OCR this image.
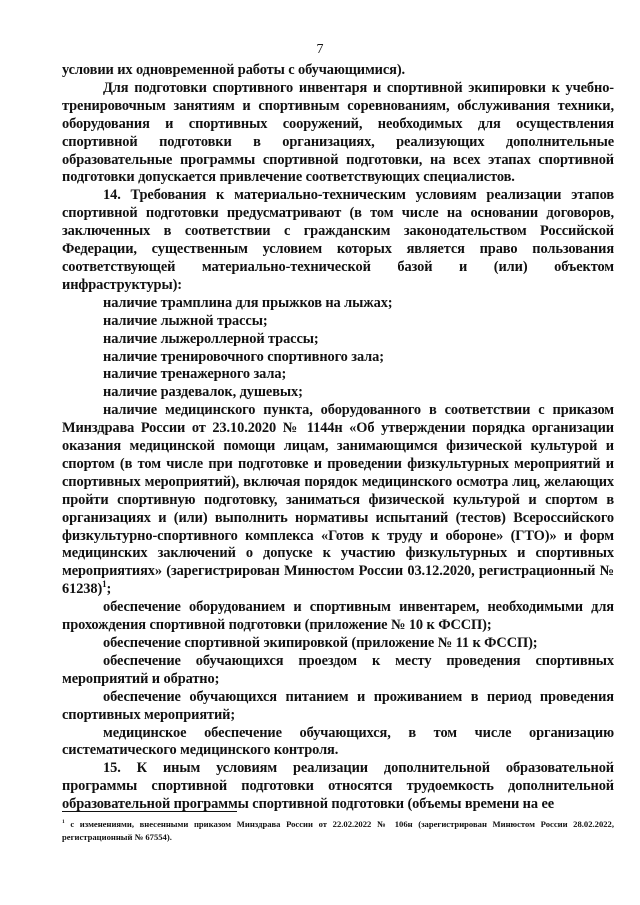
7

условии их одновременной работы с обучающимися).

Для подготовки спортивного инвентаря и спортивной экипировки к учебно-тренировочным занятиям и спортивным соревнованиям, обслуживания техники, оборудования и спортивных сооружений, необходимых для осуществления спортивной подготовки в организациях, реализующих дополнительные образовательные программы спортивной подготовки, на всех этапах спортивной подготовки допускается привлечение соответствующих специалистов.

14. Требования к материально-техническим условиям реализации этапов спортивной подготовки предусматривают (в том числе на основании договоров, заключенных в соответствии с гражданским законодательством Российской Федерации, существенным условием которых является право пользования соответствующей материально-технической базой и (или) объектом инфраструктуры):

наличие трамплина для прыжков на лыжах;

наличие лыжной трассы;

наличие лыжероллерной трассы;

наличие тренировочного спортивного зала;

наличие тренажерного зала;

наличие раздевалок, душевых;

наличие медицинского пункта, оборудованного в соответствии с приказом Минздрава России от 23.10.2020 № 1144н «Об утверждении порядка организации оказания медицинской помощи лицам, занимающимся физической культурой и спортом (в том числе при подготовке и проведении физкультурных мероприятий и спортивных мероприятий), включая порядок медицинского осмотра лиц, желающих пройти спортивную подготовку, заниматься физической культурой и спортом в организациях и (или) выполнить нормативы испытаний (тестов) Всероссийского физкультурно-спортивного комплекса «Готов к труду и обороне» (ГТО)» и форм медицинских заключений о допуске к участию физкультурных и спортивных мероприятиях» (зарегистрирован Минюстом России 03.12.2020, регистрационный № 61238)$^1$;

обеспечение оборудованием и спортивным инвентарем, необходимыми для прохождения спортивной подготовки (приложение № 10 к ФССП);

обеспечение спортивной экипировкой (приложение № 11 к ФССП);

обеспечение обучающихся проездом к месту проведения спортивных мероприятий и обратно;

обеспечение обучающихся питанием и проживанием в период проведения спортивных мероприятий;

медицинское обеспечение обучающихся, в том числе организацию систематического медицинского контроля.

15. К иным условиям реализации дополнительной образовательной программы спортивной подготовки относятся трудоемкость дополнительной образовательной программы спортивной подготовки (объемы времени на ее

$^1$ с изменениями, внесенными приказом Минздрава России от 22.02.2022 № 106н (зарегистрирован Минюстом России 28.02.2022, регистрационный № 67554).
